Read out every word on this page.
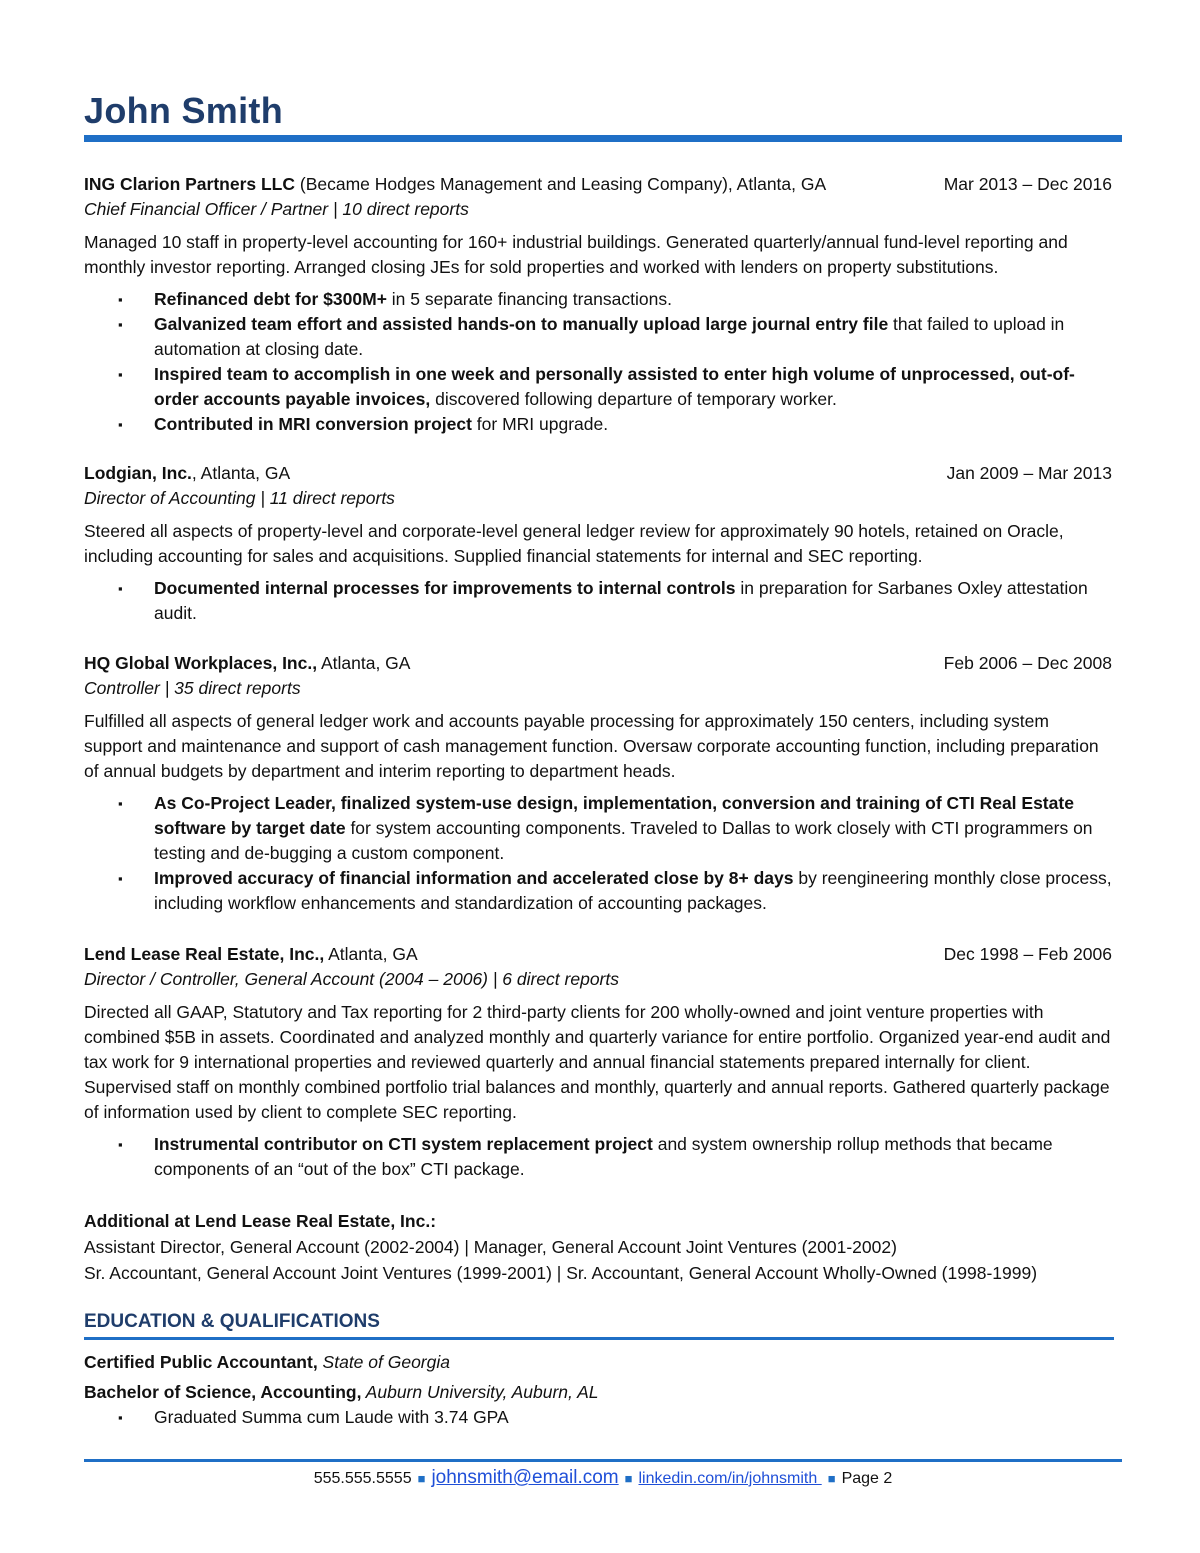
John Smith
ING Clarion Partners LLC (Became Hodges Management and Leasing Company), Atlanta, GA	Mar 2013 – Dec 2016
Chief Financial Officer / Partner | 10 direct reports
Managed 10 staff in property-level accounting for 160+ industrial buildings. Generated quarterly/annual fund-level reporting and monthly investor reporting. Arranged closing JEs for sold properties and worked with lenders on property substitutions.
▪ Refinanced debt for $300M+ in 5 separate financing transactions.
▪ Galvanized team effort and assisted hands-on to manually upload large journal entry file that failed to upload in automation at closing date.
▪ Inspired team to accomplish in one week and personally assisted to enter high volume of unprocessed, out-of-order accounts payable invoices, discovered following departure of temporary worker.
▪ Contributed in MRI conversion project for MRI upgrade.
Lodgian, Inc., Atlanta, GA	Jan 2009 – Mar 2013
Director of Accounting | 11 direct reports
Steered all aspects of property-level and corporate-level general ledger review for approximately 90 hotels, retained on Oracle, including accounting for sales and acquisitions. Supplied financial statements for internal and SEC reporting.
▪ Documented internal processes for improvements to internal controls in preparation for Sarbanes Oxley attestation audit.
HQ Global Workplaces, Inc., Atlanta, GA	Feb 2006 – Dec 2008
Controller | 35 direct reports
Fulfilled all aspects of general ledger work and accounts payable processing for approximately 150 centers, including system support and maintenance and support of cash management function. Oversaw corporate accounting function, including preparation of annual budgets by department and interim reporting to department heads.
▪ As Co-Project Leader, finalized system-use design, implementation, conversion and training of CTI Real Estate software by target date for system accounting components. Traveled to Dallas to work closely with CTI programmers on testing and de-bugging a custom component.
▪ Improved accuracy of financial information and accelerated close by 8+ days by reengineering monthly close process, including workflow enhancements and standardization of accounting packages.
Lend Lease Real Estate, Inc., Atlanta, GA	Dec 1998 – Feb 2006
Director / Controller, General Account (2004 – 2006) | 6 direct reports
Directed all GAAP, Statutory and Tax reporting for 2 third-party clients for 200 wholly-owned and joint venture properties with combined $5B in assets. Coordinated and analyzed monthly and quarterly variance for entire portfolio. Organized year-end audit and tax work for 9 international properties and reviewed quarterly and annual financial statements prepared internally for client. Supervised staff on monthly combined portfolio trial balances and monthly, quarterly and annual reports. Gathered quarterly package of information used by client to complete SEC reporting.
▪ Instrumental contributor on CTI system replacement project and system ownership rollup methods that became components of an “out of the box” CTI package.
Additional at Lend Lease Real Estate, Inc.:
Assistant Director, General Account (2002-2004) | Manager, General Account Joint Ventures (2001-2002)
Sr. Accountant, General Account Joint Ventures (1999-2001) | Sr. Accountant, General Account Wholly-Owned (1998-1999)
EDUCATION & QUALIFICATIONS
Certified Public Accountant, State of Georgia
Bachelor of Science, Accounting, Auburn University, Auburn, AL
▪ Graduated Summa cum Laude with 3.74 GPA
555.555.5555 ■ johnsmith@email.com ■ linkedin.com/in/johnsmith ■ Page 2
